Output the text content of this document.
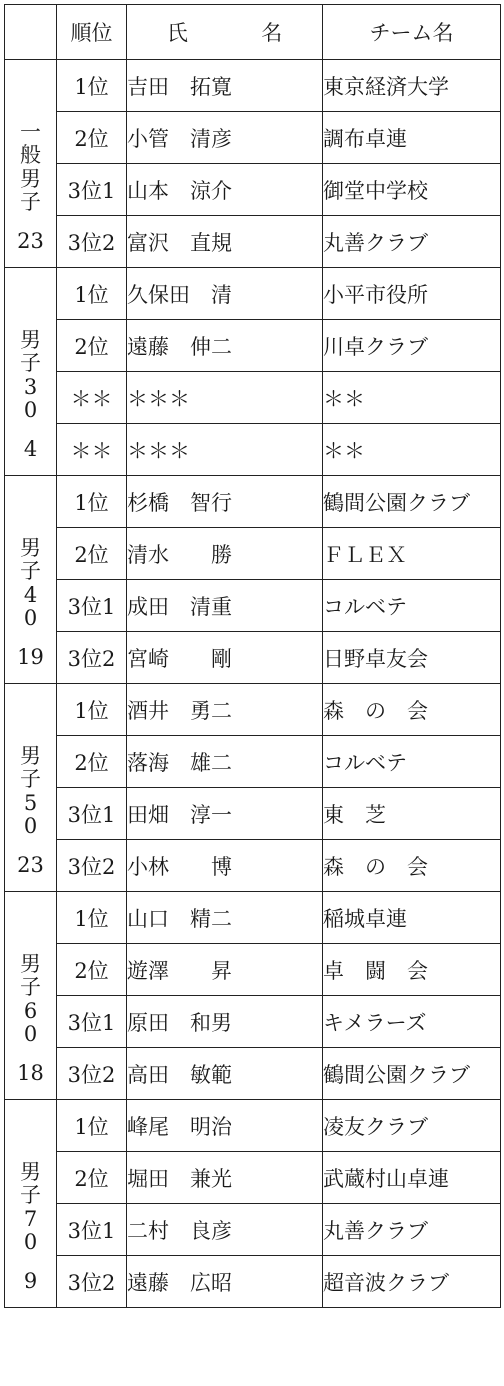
	順位	氏 名	チーム名

一
般
男
子
23	1位	吉田　拓寛	東京経済大学
	2位	小管　清彦	調布卓連
	3位1	山本　涼介	御堂中学校
	3位2	富沢　直規	丸善クラブ

男
子
3
0
4	1位	久保田　清	小平市役所
	2位	遠藤　伸二	川卓クラブ
	＊＊	＊＊＊	＊＊
	＊＊	＊＊＊	＊＊

男
子
4
0
19	1位	杉橋　智行	鶴間公園クラブ
	2位	清水　　勝	ＦＬＥＸ
	3位1	成田　清重	コルベテ
	3位2	宮崎　　剛	日野卓友会

男
子
5
0
23	1位	酒井　勇二	森　の　会
	2位	落海　雄二	コルベテ
	3位1	田畑　淳一	東　芝
	3位2	小林　　博	森　の　会

男
子
6
0
18	1位	山口　精二	稲城卓連
	2位	遊澤　　昇	卓　闘　会
	3位1	原田　和男	キメラーズ
	3位2	高田　敏範	鶴間公園クラブ

男
子
7
0
9	1位	峰尾　明治	凌友クラブ
	2位	堀田　兼光	武蔵村山卓連
	3位1	二村　良彦	丸善クラブ
	3位2	遠藤　広昭	超音波クラブ
